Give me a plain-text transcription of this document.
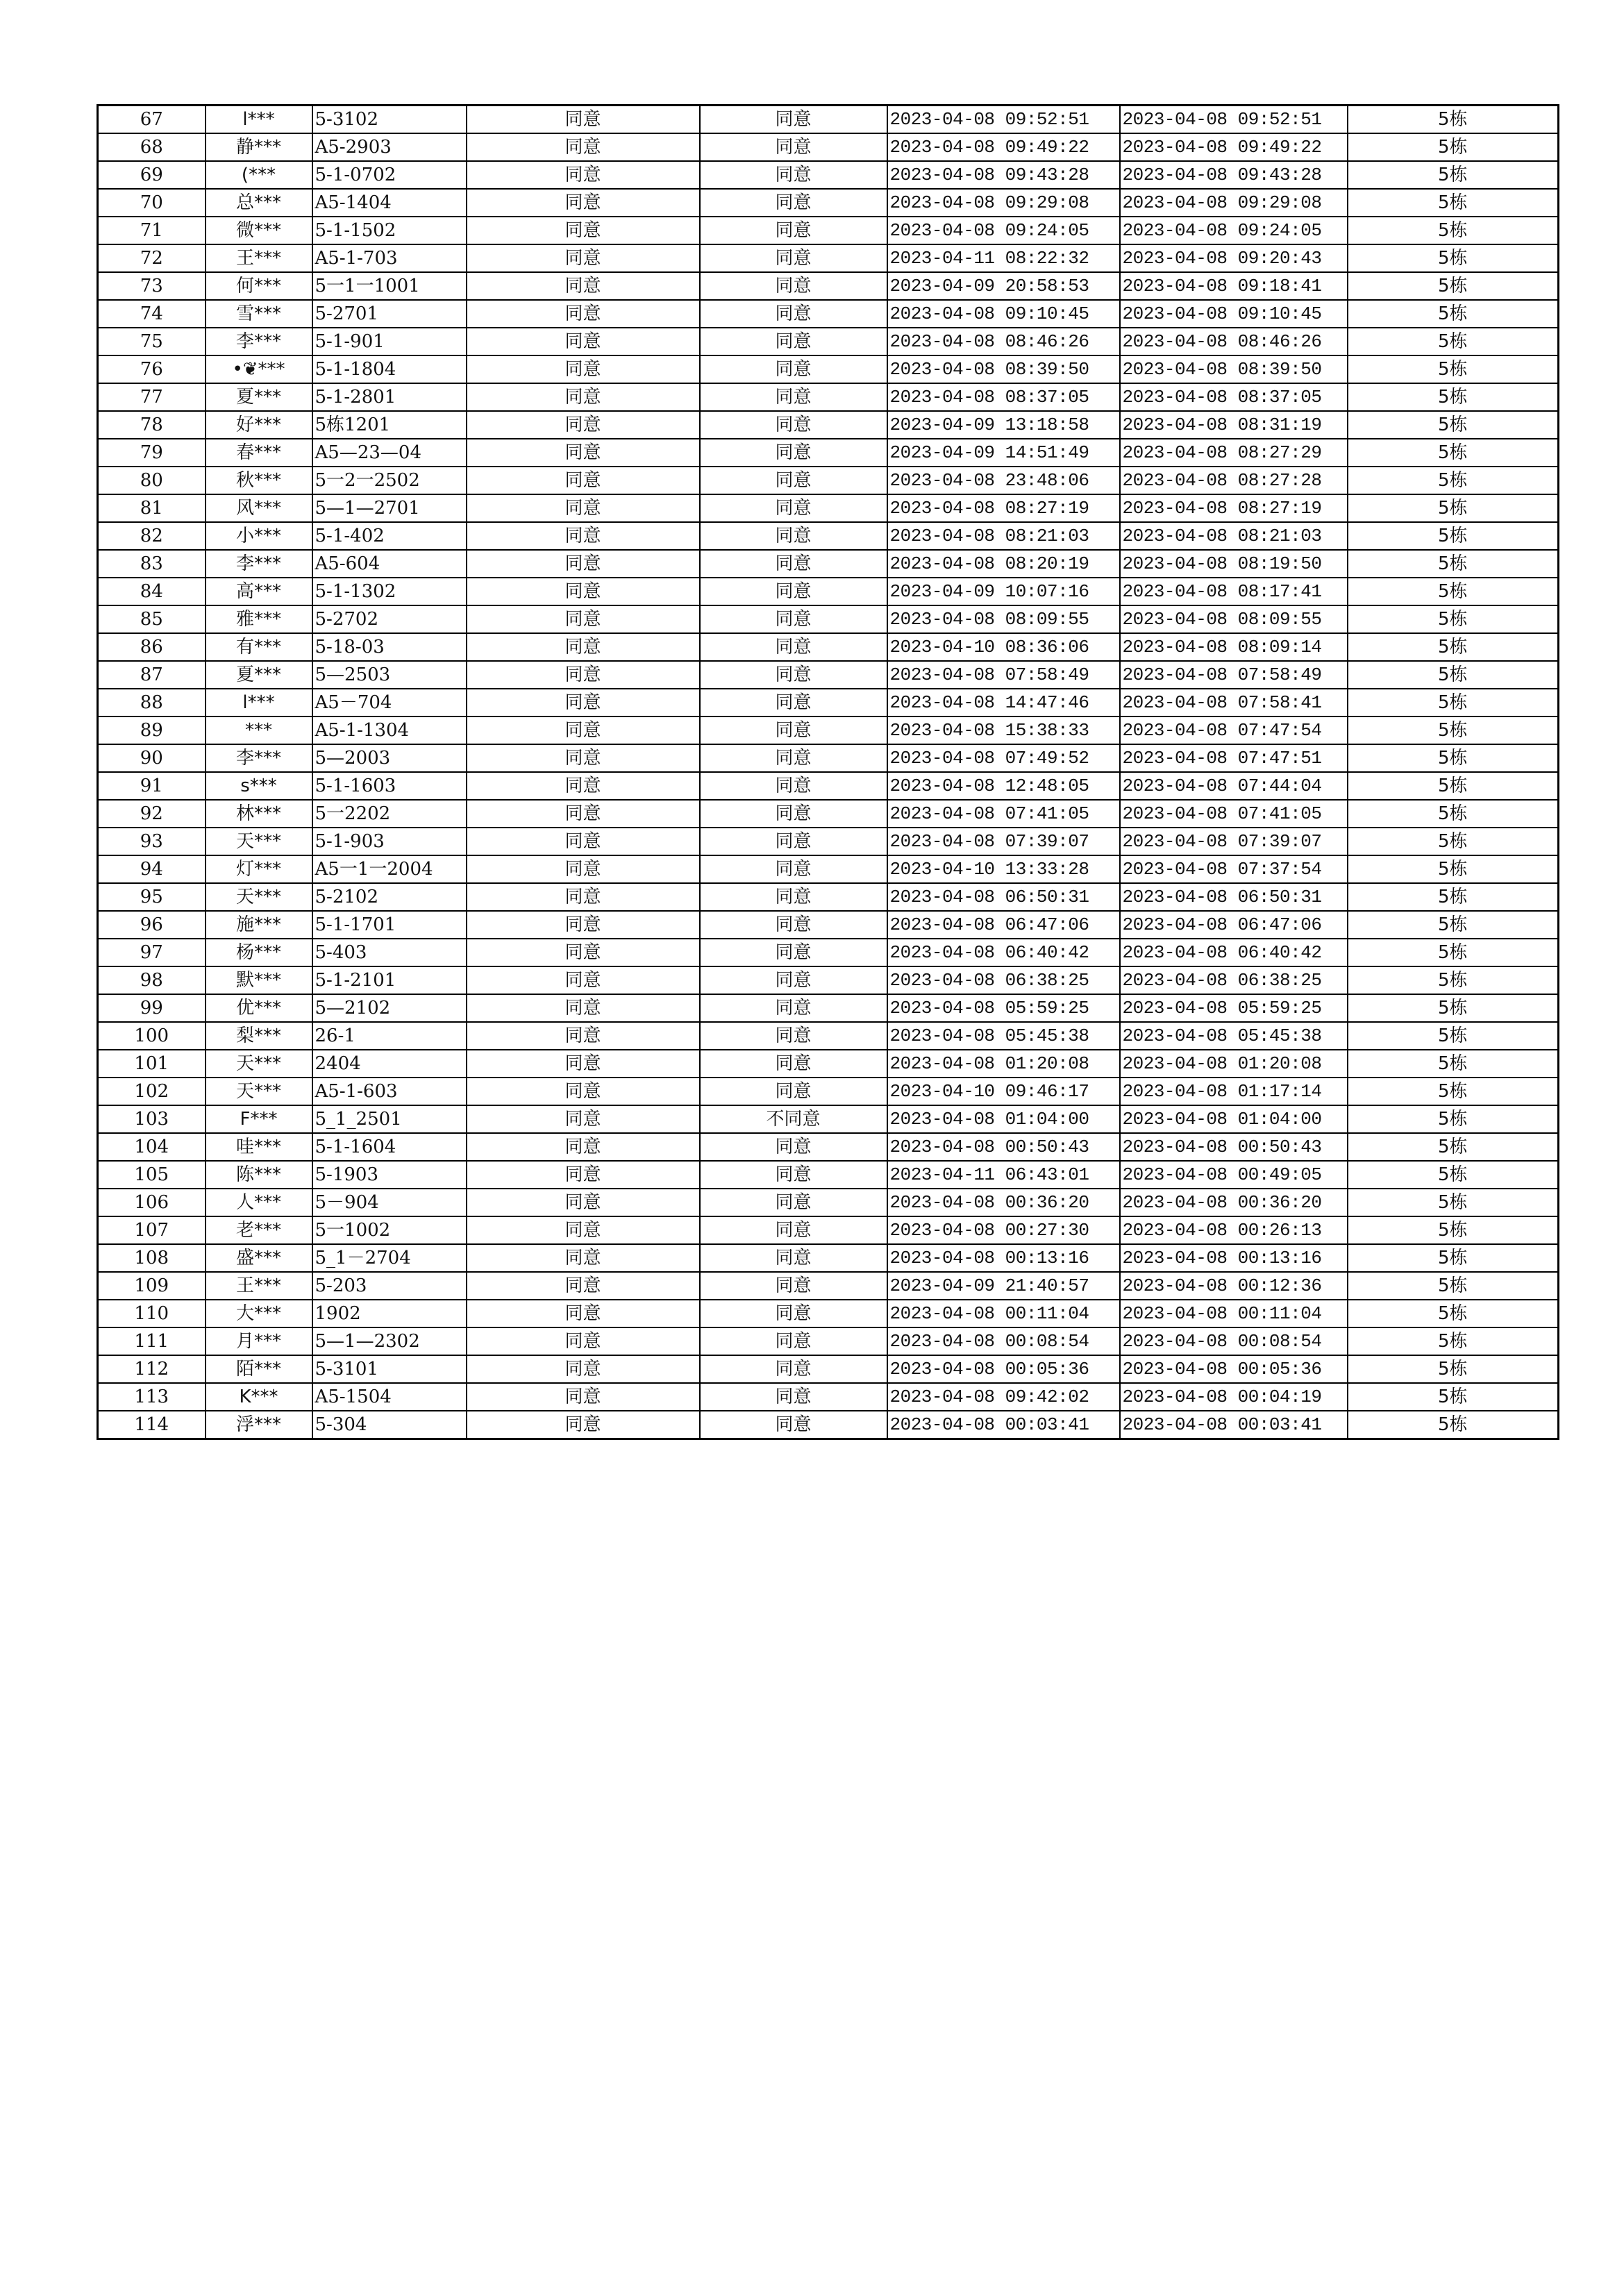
67	l***	5-3102	同意	同意	2023-04-08 09:52:51	2023-04-08 09:52:51	5栋
68	静***	A5-2903	同意	同意	2023-04-08 09:49:22	2023-04-08 09:49:22	5栋
69	(***	5-1-0702	同意	同意	2023-04-08 09:43:28	2023-04-08 09:43:28	5栋
70	总***	A5-1404	同意	同意	2023-04-08 09:29:08	2023-04-08 09:29:08	5栋
71	微***	5-1-1502	同意	同意	2023-04-08 09:24:05	2023-04-08 09:24:05	5栋
72	王***	A5-1-703	同意	同意	2023-04-11 08:22:32	2023-04-08 09:20:43	5栋
73	何***	5一1一1001	同意	同意	2023-04-09 20:58:53	2023-04-08 09:18:41	5栋
74	雪***	5-2701	同意	同意	2023-04-08 09:10:45	2023-04-08 09:10:45	5栋
75	李***	5-1-901	同意	同意	2023-04-08 08:46:26	2023-04-08 08:46:26	5栋
76	•❦***	5-1-1804	同意	同意	2023-04-08 08:39:50	2023-04-08 08:39:50	5栋
77	夏***	5-1-2801	同意	同意	2023-04-08 08:37:05	2023-04-08 08:37:05	5栋
78	好***	5栋1201	同意	同意	2023-04-09 13:18:58	2023-04-08 08:31:19	5栋
79	春***	A5—23—04	同意	同意	2023-04-09 14:51:49	2023-04-08 08:27:29	5栋
80	秋***	5一2一2502	同意	同意	2023-04-08 23:48:06	2023-04-08 08:27:28	5栋
81	风***	5—1—2701	同意	同意	2023-04-08 08:27:19	2023-04-08 08:27:19	5栋
82	小***	5-1-402	同意	同意	2023-04-08 08:21:03	2023-04-08 08:21:03	5栋
83	李***	A5-604	同意	同意	2023-04-08 08:20:19	2023-04-08 08:19:50	5栋
84	高***	5-1-1302	同意	同意	2023-04-09 10:07:16	2023-04-08 08:17:41	5栋
85	雅***	5-2702	同意	同意	2023-04-08 08:09:55	2023-04-08 08:09:55	5栋
86	有***	5-18-03	同意	同意	2023-04-10 08:36:06	2023-04-08 08:09:14	5栋
87	夏***	5—2503	同意	同意	2023-04-08 07:58:49	2023-04-08 07:58:49	5栋
88	l***	A5－704	同意	同意	2023-04-08 14:47:46	2023-04-08 07:58:41	5栋
89	***	A5-1-1304	同意	同意	2023-04-08 15:38:33	2023-04-08 07:47:54	5栋
90	李***	5—2003	同意	同意	2023-04-08 07:49:52	2023-04-08 07:47:51	5栋
91	s***	5-1-1603	同意	同意	2023-04-08 12:48:05	2023-04-08 07:44:04	5栋
92	林***	5一2202	同意	同意	2023-04-08 07:41:05	2023-04-08 07:41:05	5栋
93	天***	5-1-903	同意	同意	2023-04-08 07:39:07	2023-04-08 07:39:07	5栋
94	灯***	A5一1一2004	同意	同意	2023-04-10 13:33:28	2023-04-08 07:37:54	5栋
95	天***	5-2102	同意	同意	2023-04-08 06:50:31	2023-04-08 06:50:31	5栋
96	施***	5-1-1701	同意	同意	2023-04-08 06:47:06	2023-04-08 06:47:06	5栋
97	杨***	5-403	同意	同意	2023-04-08 06:40:42	2023-04-08 06:40:42	5栋
98	默***	5-1-2101	同意	同意	2023-04-08 06:38:25	2023-04-08 06:38:25	5栋
99	优***	5—2102	同意	同意	2023-04-08 05:59:25	2023-04-08 05:59:25	5栋
100	梨***	26-1	同意	同意	2023-04-08 05:45:38	2023-04-08 05:45:38	5栋
101	天***	2404	同意	同意	2023-04-08 01:20:08	2023-04-08 01:20:08	5栋
102	天***	A5-1-603	同意	同意	2023-04-10 09:46:17	2023-04-08 01:17:14	5栋
103	F***	5_1_2501	同意	不同意	2023-04-08 01:04:00	2023-04-08 01:04:00	5栋
104	哇***	5-1-1604	同意	同意	2023-04-08 00:50:43	2023-04-08 00:50:43	5栋
105	陈***	5-1903	同意	同意	2023-04-11 06:43:01	2023-04-08 00:49:05	5栋
106	人***	5－904	同意	同意	2023-04-08 00:36:20	2023-04-08 00:36:20	5栋
107	老***	5一1002	同意	同意	2023-04-08 00:27:30	2023-04-08 00:26:13	5栋
108	盛***	5_1－2704	同意	同意	2023-04-08 00:13:16	2023-04-08 00:13:16	5栋
109	王***	5-203	同意	同意	2023-04-09 21:40:57	2023-04-08 00:12:36	5栋
110	大***	1902	同意	同意	2023-04-08 00:11:04	2023-04-08 00:11:04	5栋
111	月***	5—1—2302	同意	同意	2023-04-08 00:08:54	2023-04-08 00:08:54	5栋
112	陌***	5-3101	同意	同意	2023-04-08 00:05:36	2023-04-08 00:05:36	5栋
113	K***	A5-1504	同意	同意	2023-04-08 09:42:02	2023-04-08 00:04:19	5栋
114	浮***	5-304	同意	同意	2023-04-08 00:03:41	2023-04-08 00:03:41	5栋
